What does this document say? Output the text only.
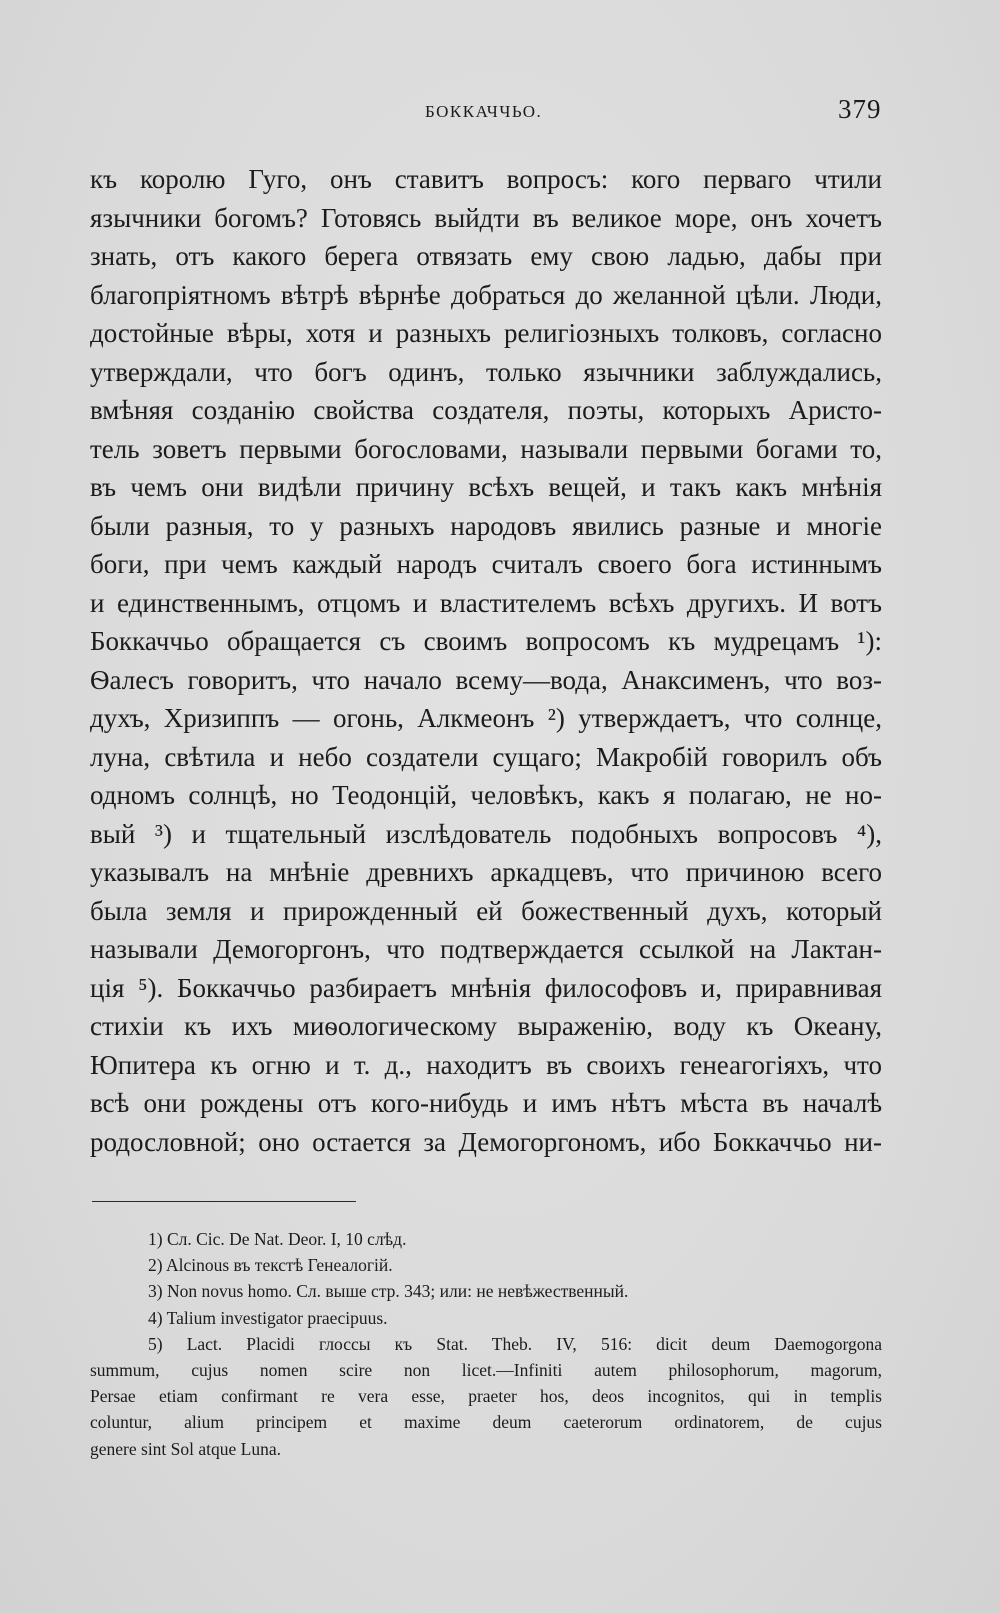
БОККАЧЧЬО.	379
къ королю Гуго, онъ ставитъ вопросъ: кого перваго чтили
язычники богомъ? Готовясь выйдти въ великое море, онъ хочетъ
знать, отъ какого берега отвязать ему свою ладью, дабы при
благопріятномъ вѣтрѣ вѣрнѣе добраться до желанной цѣли. Люди,
достойные вѣры, хотя и разныхъ религіозныхъ толковъ, согласно
утверждали, что богъ одинъ, только язычники заблуждались,
вмѣняя созданію свойства создателя, поэты, которыхъ Аристо-
тель зоветъ первыми богословами, называли первыми богами то,
въ чемъ они видѣли причину всѣхъ вещей, и такъ какъ мнѣнія
были разныя, то у разныхъ народовъ явились разные и многіе
боги, при чемъ каждый народъ считалъ своего бога истиннымъ
и единственнымъ, отцомъ и властителемъ всѣхъ другихъ. И вотъ
Боккаччьо обращается съ своимъ вопросомъ къ мудрецамъ ¹):
Ѳалесъ говоритъ, что начало всему—вода, Анаксименъ, что воз-
духъ, Хризиппъ — огонь, Алкмеонъ ²) утверждаетъ, что солнце,
луна, свѣтила и небо создатели сущаго; Макробій говорилъ объ
одномъ солнцѣ, но Теодонцій, человѣкъ, какъ я полагаю, не но-
вый ³) и тщательный изслѣдователь подобныхъ вопросовъ ⁴),
указывалъ на мнѣніе древнихъ аркадцевъ, что причиною всего
была земля и прирожденный ей божественный духъ, который
называли Демогоргонъ, что подтверждается ссылкой на Лактан-
ція ⁵). Боккаччьо разбираетъ мнѣнія философовъ и, приравнивая
стихіи къ ихъ миѳологическому выраженію, воду къ Океану,
Юпитера къ огню и т. д., находитъ въ своихъ генеагогіяхъ, что
всѣ они рождены отъ кого-нибудь и имъ нѣтъ мѣста въ началѣ
родословной; оно остается за Демогоргономъ, ибо Боккаччьо ни-
1) Сл. Cic. De Nat. Deor. I, 10 слѣд.
2) Alcinous въ текстѣ Генеалогій.
3) Non novus homo. Сл. выше стр. 343; или: не невѣжественный.
4) Talium investigator praecipuus.
5) Lact. Placidi глоссы къ Stat. Theb. IV, 516: dicit deum Daemogorgona
summum, cujus nomen scire non licet.—Infiniti autem philosophorum, magorum,
Persae etiam confirmant re vera esse, praeter hos, deos incognitos, qui in templis
coluntur, alium principem et maxime deum caeterorum ordinatorem, de cujus
genere sint Sol atque Luna.
